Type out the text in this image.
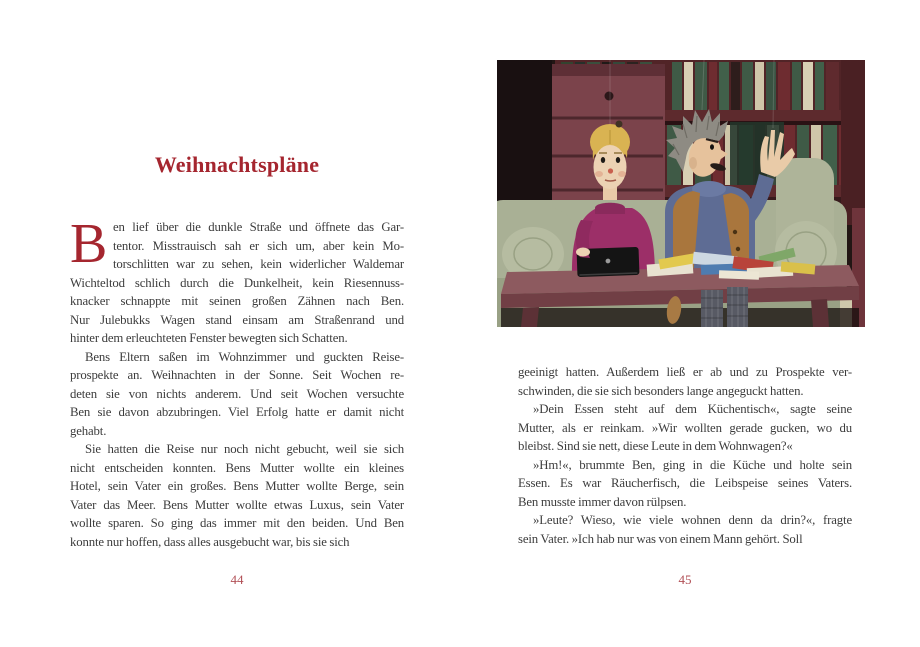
Weihnachtspläne
B en lief über die dunkle Straße und öffnete das Gar-
tentor. Misstrauisch sah er sich um, aber kein Mo-
torschlitten war zu sehen, kein widerlicher Waldemar
Wichteltod schlich durch die Dunkelheit, kein Riesennuss-
knacker schnappte mit seinen großen Zähnen nach Ben.
Nur Julebukks Wagen stand einsam am Straßenrand und
hinter dem erleuchteten Fenster bewegten sich Schatten.
Bens Eltern saßen im Wohnzimmer und guckten Reise-
prospekte an. Weihnachten in der Sonne. Seit Wochen re-
deten sie von nichts anderem. Und seit Wochen versuchte
Ben sie davon abzubringen. Viel Erfolg hatte er damit nicht
gehabt.
Sie hatten die Reise nur noch nicht gebucht, weil sie sich
nicht entscheiden konnten. Bens Mutter wollte ein kleines
Hotel, sein Vater ein großes. Bens Mutter wollte Berge, sein
Vater das Meer. Bens Mutter wollte etwas Luxus, sein Vater
wollte sparen. So ging das immer mit den beiden. Und Ben
konnte nur hoffen, dass alles ausgebucht war, bis sie sich
44
geeinigt hatten. Außerdem ließ er ab und zu Prospekte ver-
schwinden, die sie sich besonders lange angeguckt hatten.
»Dein Essen steht auf dem Küchentisch«, sagte seine
Mutter, als er reinkam. »Wir wollten gerade gucken, wo du
bleibst. Sind sie nett, diese Leute in dem Wohnwagen?«
»Hm!«, brummte Ben, ging in die Küche und holte sein
Essen. Es war Räucherfisch, die Leibspeise seines Vaters.
Ben musste immer davon rülpsen.
»Leute? Wieso, wie viele wohnen denn da drin?«, fragte
sein Vater. »Ich hab nur was von einem Mann gehört. Soll
45
